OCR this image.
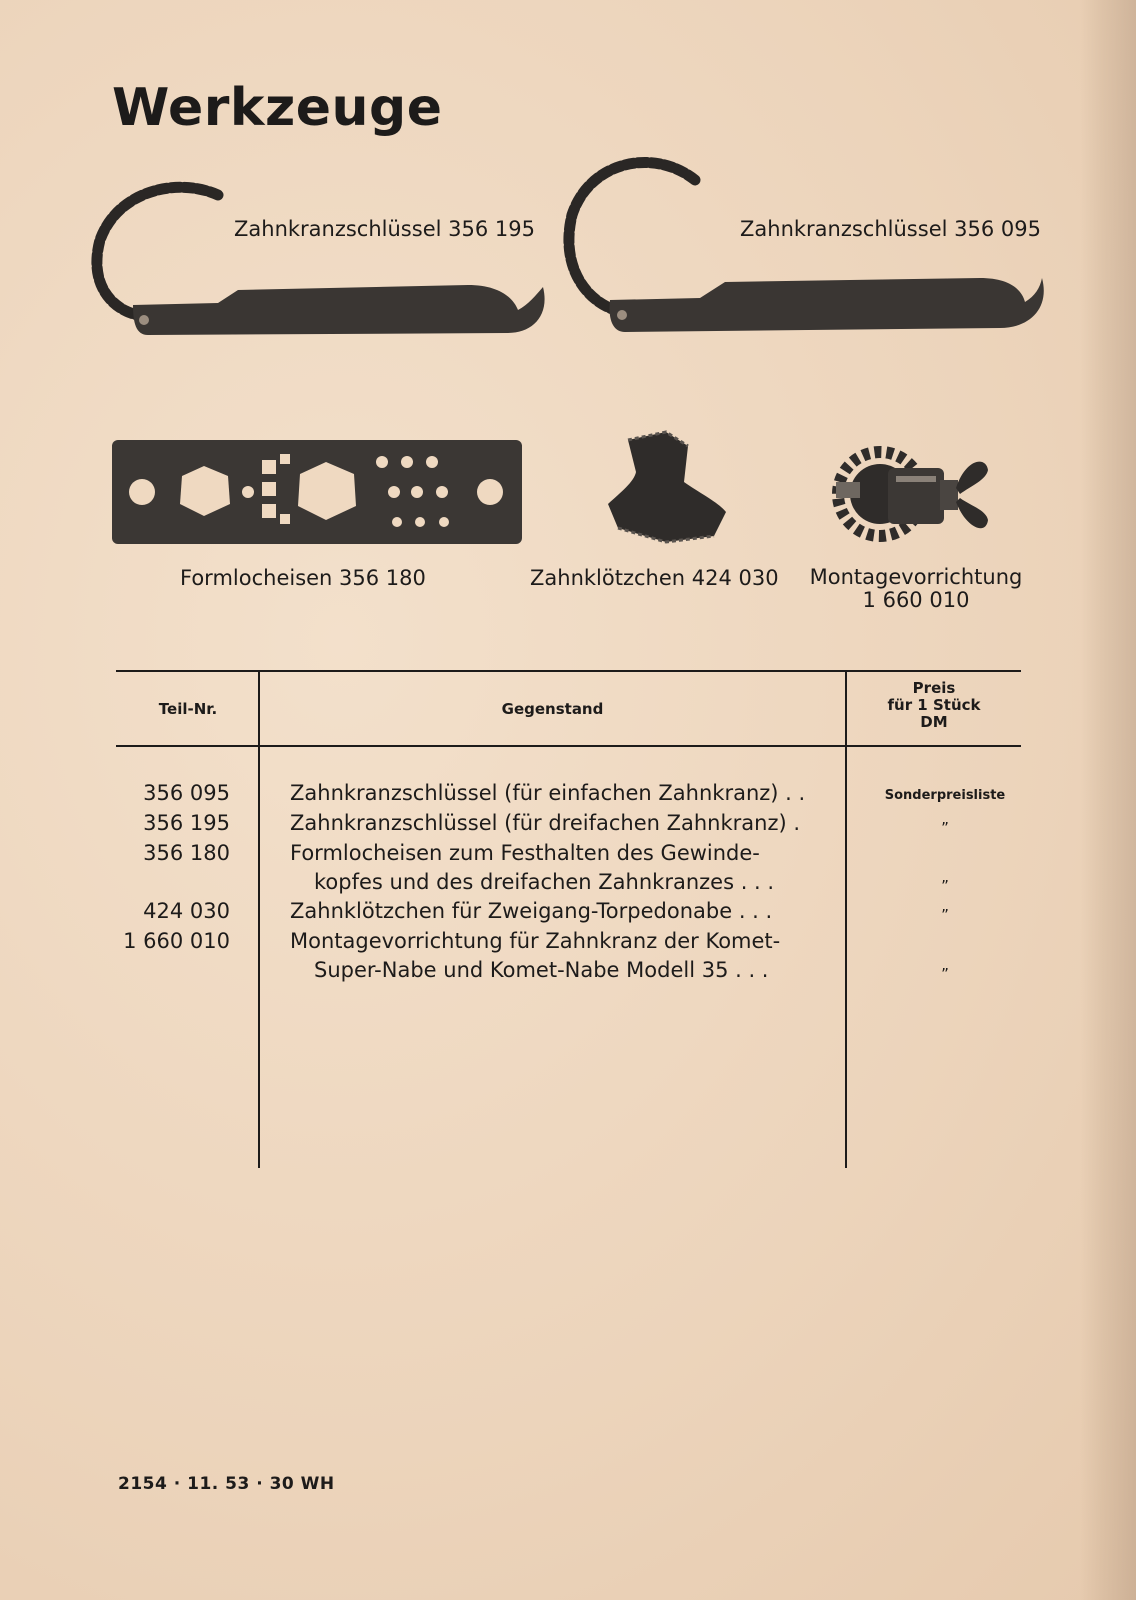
Werkzeuge
Zahnkranzschlüssel 356 195	Zahnkranzschlüssel 356 095
Formlocheisen 356 180	Zahnklötzchen 424 030 Montagevorrichtung
1 660 010
Teil-Nr.	Gegenstand
Preis
für 1 Stück
DM
356 095	Zahnkranzschlüssel (für einfachen Zahnkranz) . .	Sonderpreisliste
356 195	Zahnkranzschlüssel (für dreifachen Zahnkranz) .	”
356 180	Formlocheisen zum Festhalten des Gewinde-
kopfes und des dreifachen Zahnkranzes . . .	”
424 030	Zahnklötzchen für Zweigang-Torpedonabe . . .	”
1 660 010	Montagevorrichtung für Zahnkranz der Komet-
Super-Nabe und Komet-Nabe Modell 35 . . .	”
2154 · 11. 53 · 30 WH
